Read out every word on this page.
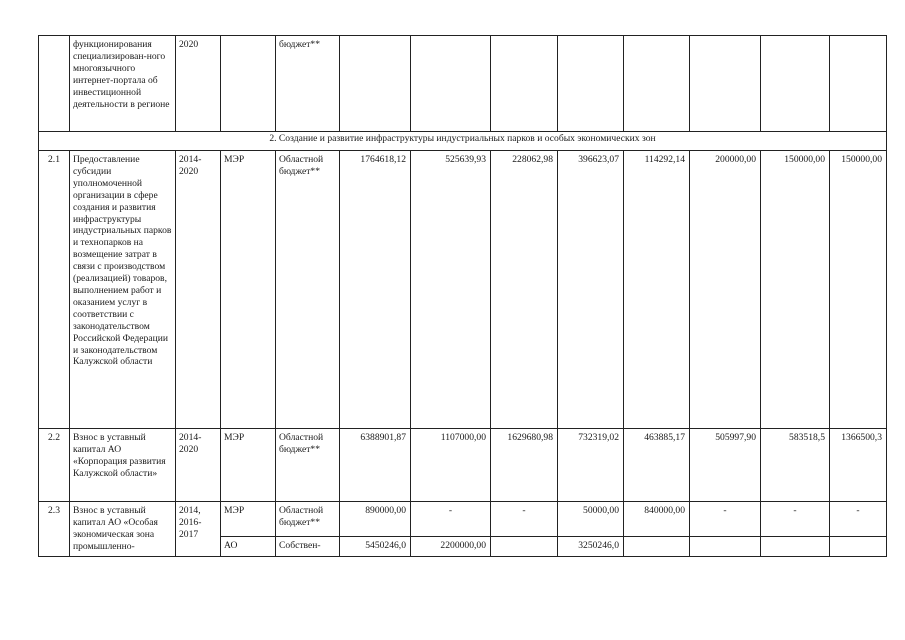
	функционирования специализирован-ного многоязычного интернет-портала об инвестиционной деятельности в регионе	2020		бюджет**								
2. Создание и развитие инфраструктуры индустриальных парков и особых экономических зон												
2.1	Предоставление субсидии уполномоченной организации в сфере создания и развития инфраструктуры индустриальных парков и технопарков на возмещение затрат в связи с производством (реализацией) товаров, выполнением работ и оказанием услуг в соответствии с законодательством Российской Федерации и законодательством Калужской области	2014-2020	МЭР	Областной бюджет**	1764618,12	525639,93	228062,98	396623,07	114292,14	200000,00	150000,00	150000,00
2.2	Взнос в уставный капитал АО «Корпорация развития Калужской области»	2014-2020	МЭР	Областной бюджет**	6388901,87	1107000,00	1629680,98	732319,02	463885,17	505997,90	583518,5	1366500,3
2.3	Взнос в уставный капитал АО «Особая экономическая зона промышленно-	2014, 2016-2017	МЭР	Областной бюджет**	890000,00	-	-	50000,00	840000,00	-	-	-
			АО	Собствен-	5450246,0	2200000,00		3250246,0				
